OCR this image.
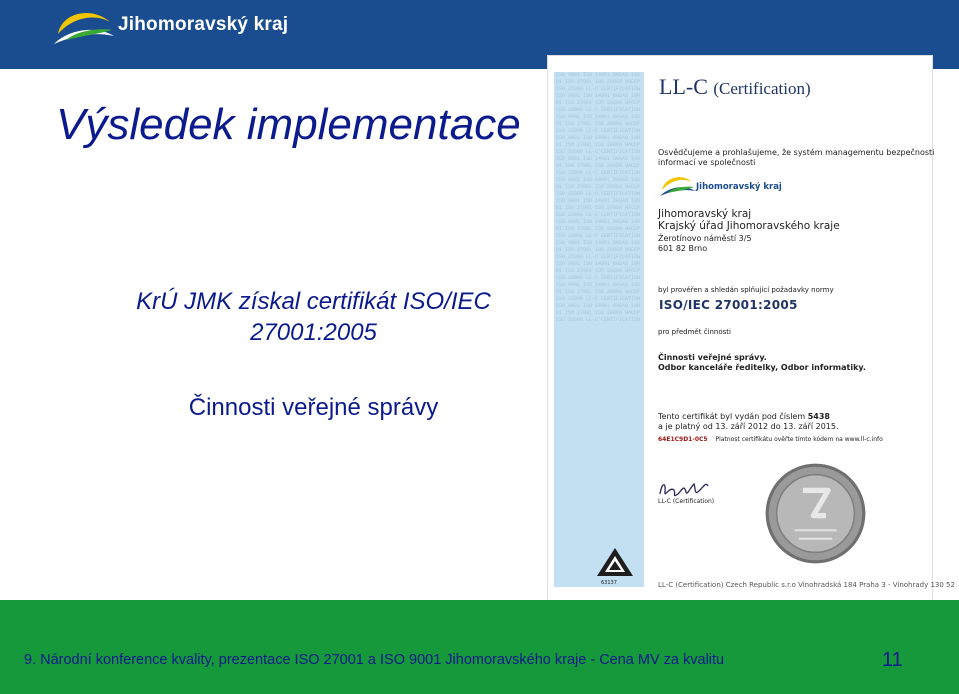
Jihomoravský kraj
Výsledek implementace
KrÚ JMK získal certifikát ISO/IEC
27001:2005
Činnosti veřejné správy
ISO 9001 ISO 14001 OHSAS 18001 ISO 27001 ISO 20000 HACCP ISO 22000 LL-C CERTIFICATION ISO 9001 ISO 14001 OHSAS 18001 ISO 27001 ISO 20000 HACCP ISO 22000 LL-C CERTIFICATION ISO 9001 ISO 14001 OHSAS 18001 ISO 27001 ISO 20000 HACCP ISO 22000 LL-C CERTIFICATION ISO 9001 ISO 14001 OHSAS 18001 ISO 27001 ISO 20000 HACCP ISO 22000 LL-C CERTIFICATION ISO 9001 ISO 14001 OHSAS 18001 ISO 27001 ISO 20000 HACCP ISO 22000 LL-C CERTIFICATION ISO 9001 ISO 14001 OHSAS 18001 ISO 27001 ISO 20000 HACCP ISO 22000 LL-C CERTIFICATION ISO 9001 ISO 14001 OHSAS 18001 ISO 27001 ISO 20000 HACCP ISO 22000 LL-C CERTIFICATION ISO 9001 ISO 14001 OHSAS 18001 ISO 27001 ISO 20000 HACCP ISO 22000 LL-C CERTIFICATION ISO 9001 ISO 14001 OHSAS 18001 ISO 27001 ISO 20000 HACCP ISO 22000 LL-C CERTIFICATION ISO 9001 ISO 14001 OHSAS 18001 ISO 27001 ISO 20000 HACCP ISO 22000 LL-C CERTIFICATION ISO 9001 ISO 14001 OHSAS 18001 ISO 27001 ISO 20000 HACCP ISO 22000 LL-C CERTIFICATION ISO 9001 ISO 14001 OHSAS 18001 ISO 27001 ISO 20000 HACCP ISO 22000 LL-C CERTIFICATION
LL-C (Certification)
Osvědčujeme a prohlašujeme, že systém managementu bezpečnosti
informací ve společnosti
Jihomoravský kraj
Jihomoravský kraj
Krajský úřad Jihomoravského kraje
Žerotínovo náměstí 3/5
601 82 Brno
byl prověřen a shledán splňující požadavky normy
ISO/IEC 27001:2005
pro předmět činnosti
Činnosti veřejné správy.
Odbor kanceláře ředitelky, Odbor informatiky.
Tento certifikát byl vydán pod číslem 5438
a je platný od 13. září 2012 do 13. září 2015.
64E1C9D1-0C5 Platnost certifikátu ověřte tímto kódem na www.ll-c.info
LL-C (Certification)
63137	LL-C (Certification) Czech Republic s.r.o Vinohradská 184 Praha 3 - Vinohrady 130 52
9. Národní konference kvality, prezentace ISO 27001 a ISO 9001 Jihomoravského kraje - Cena MV za kvalitu	11
